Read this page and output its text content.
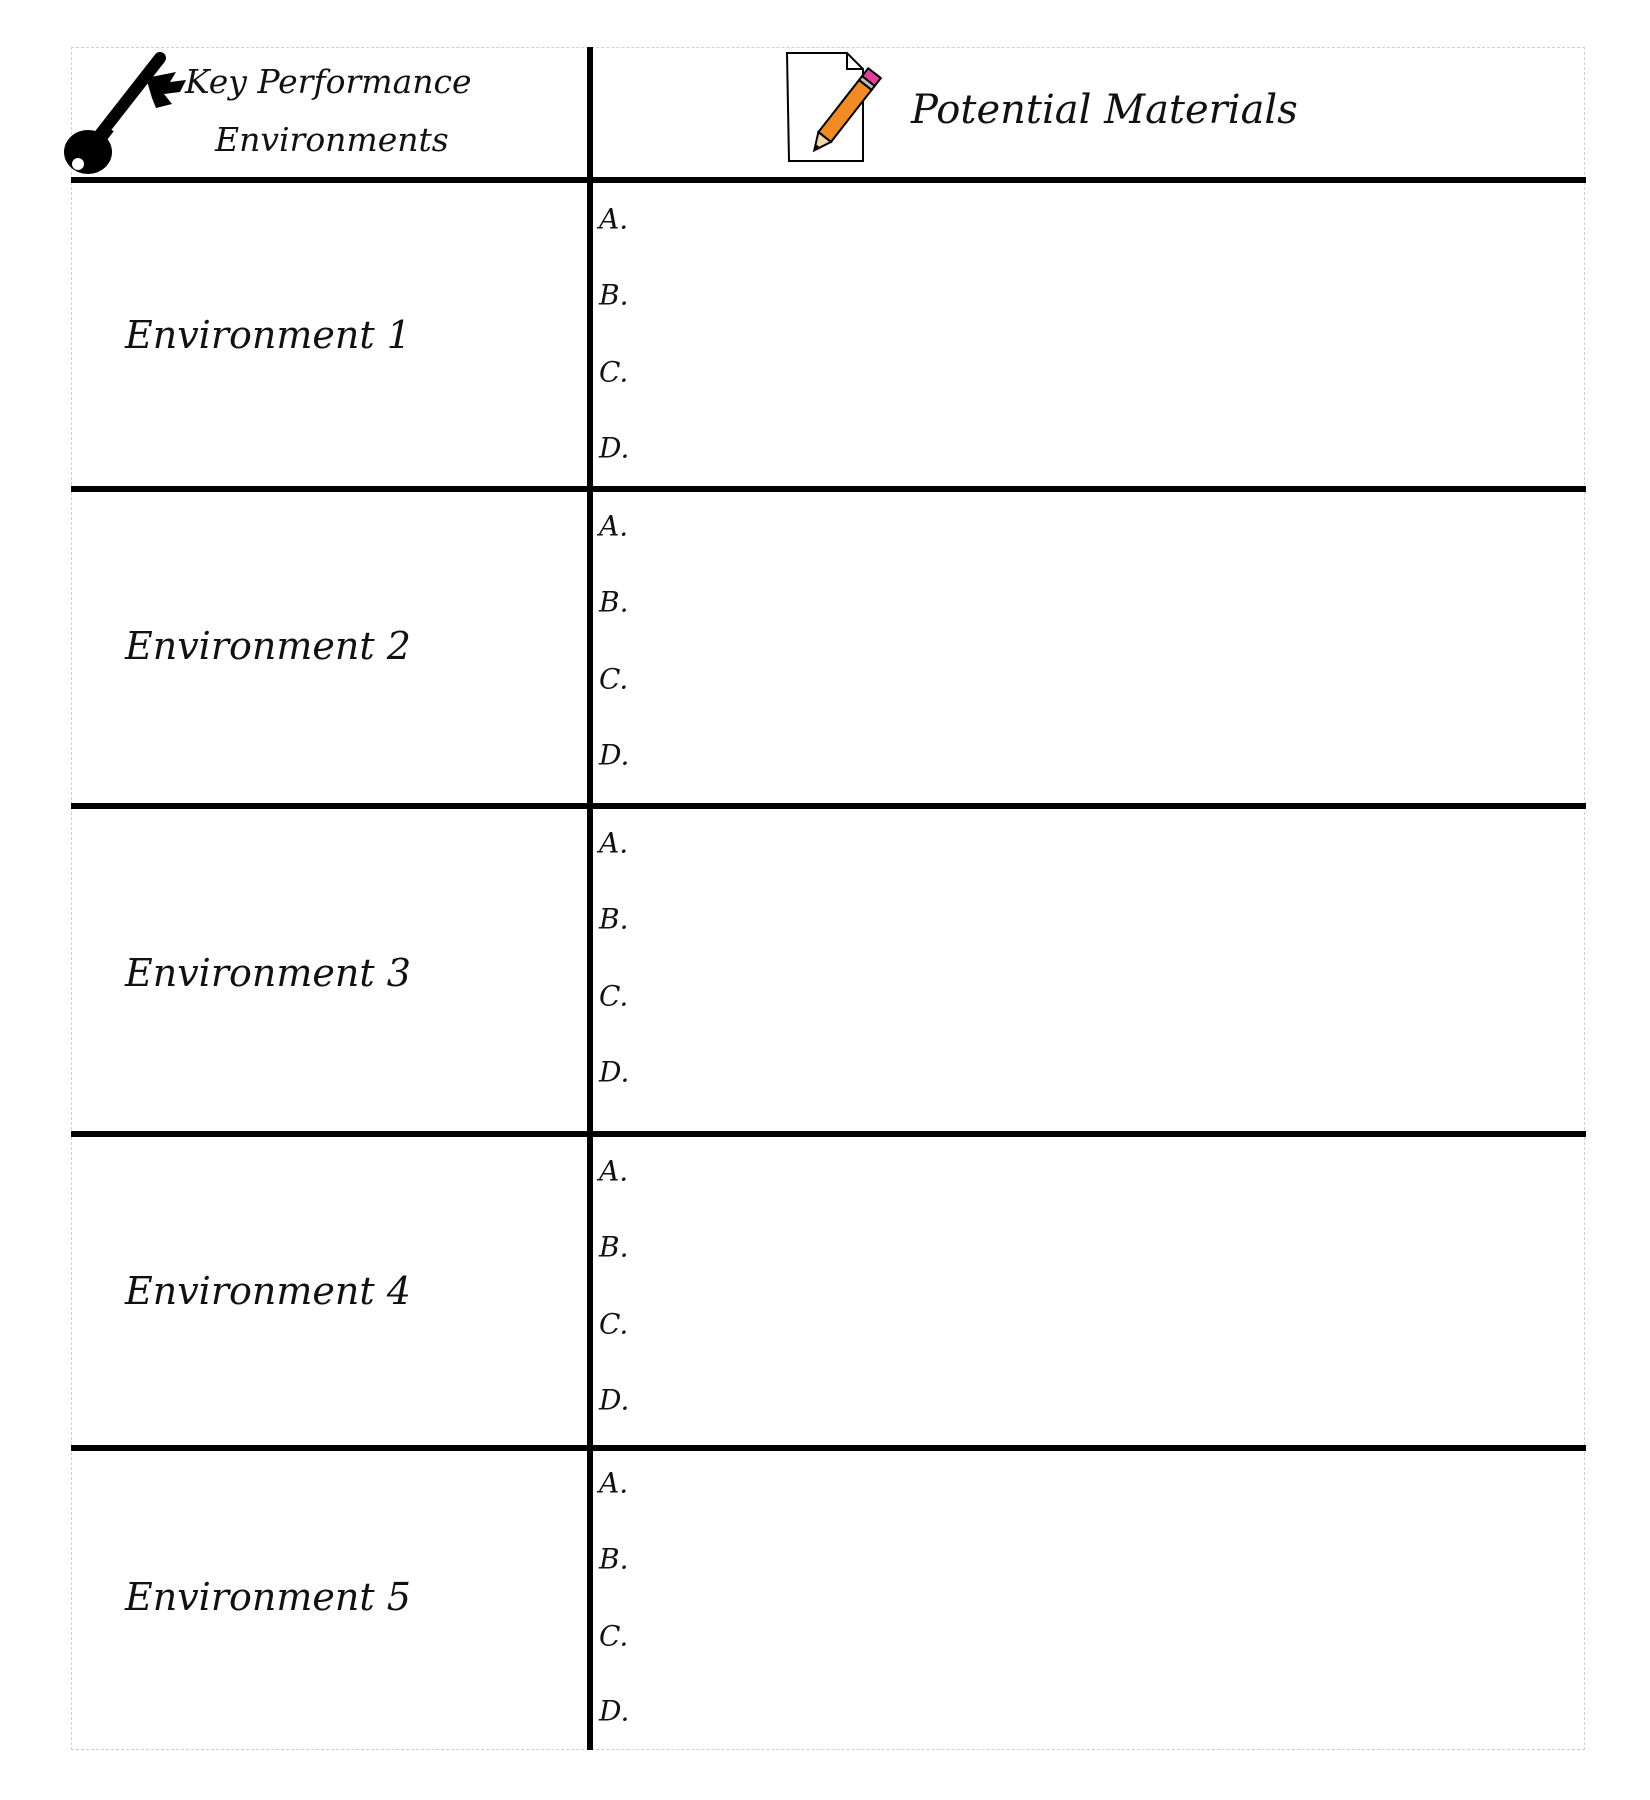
Key Performance
Environments
Potential Materials
Environment 1
A.
B.
C.
D.
Environment 2
A.
B.
C.
D.
Environment 3
A.
B.
C.
D.
Environment 4
A.
B.
C.
D.
Environment 5
A.
B.
C.
D.
